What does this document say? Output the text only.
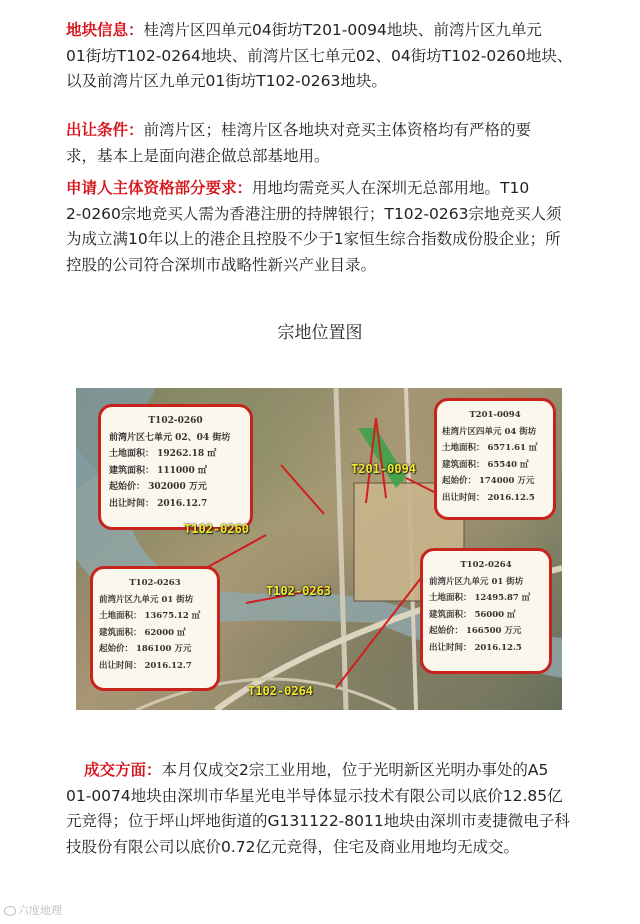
地块信息：桂湾片区四单元04街坊T201-0094地块、前湾片区九单元
01街坊T102-0264地块、前湾片区七单元02、04街坊T102-0260地块、
以及前湾片区九单元01街坊T102-0263地块。
出让条件：前湾片区；桂湾片区各地块对竞买主体资格均有严格的要
求，基本上是面向港企做总部基地用。
申请人主体资格部分要求：用地均需竞买人在深圳无总部用地。T10
2-0260宗地竞买人需为香港注册的持牌银行；T102-0263宗地竞买人须
为成立满10年以上的港企且控股不少于1家恒生综合指数成份股企业；所
控股的公司符合深圳市战略性新兴产业目录。
宗地位置图
T102-0260
前湾片区七单元 02、04 街坊
土地面积： 19262.18 ㎡
建筑面积： 111000 ㎡
起始价： 302000 万元
出让时间： 2016.12.7
T201-0094
桂湾片区四单元 04 街坊
土地面积： 6571.61 ㎡
建筑面积： 65540 ㎡
起始价： 174000 万元
出让时间： 2016.12.5
T102-0263
前湾片区九单元 01 街坊
土地面积： 13675.12 ㎡
建筑面积： 62000 ㎡
起始价： 186100 万元
出让时间： 2016.12.7
T102-0264
前湾片区九单元 01 街坊
土地面积： 12495.87 ㎡
建筑面积： 56000 ㎡
起始价： 166500 万元
出让时间： 2016.12.5
T201-0094
T102-0260
T102-0263
T102-0264
成交方面：本月仅成交2宗工业用地，位于光明新区光明办事处的A5
01-0074地块由深圳市华星光电半导体显示技术有限公司以底价12.85亿
元竞得；位于坪山坪地街道的G131122-8011地块由深圳市麦捷微电子科
技股份有限公司以底价0.72亿元竞得，住宅及商业用地均无成交。
六度地理
